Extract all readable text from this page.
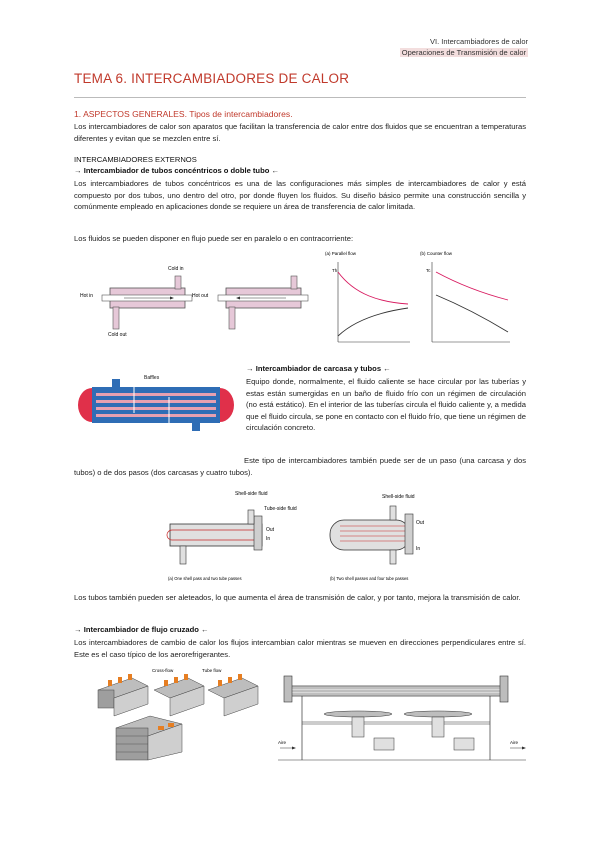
VI. Intercambiadores de calor
Operaciones de Transmisión de calor
TEMA 6. INTERCAMBIADORES DE CALOR
1. ASPECTOS GENERALES. Tipos de intercambiadores.
Los intercambiadores de calor son aparatos que facilitan la transferencia de calor entre dos fluidos que se encuentran a temperaturas diferentes y evitan que se mezclen entre sí.
INTERCAMBIADORES EXTERNOS
→ Intercambiador de tubos concéntricos o doble tubo ←
Los intercambiadores de tubos concéntricos es una de las configuraciones más simples de intercambiadores de calor y está compuesto por dos tubos, uno dentro del otro, por donde fluyen los fluidos. Su diseño básico permite una construcción sencilla y comúnmente empleado en aplicaciones donde se requiere un área de transferencia de calor limitada.
Los fluidos se pueden disponer en flujo puede ser en paralelo o en contracorriente:
Hot in
Cold in
Hot out
Cold out
(a) Parallel flow
Th
(b) Counter flow
Tc
Baffles
→ Intercambiador de carcasa y tubos ←
Equipo donde, normalmente, el fluido caliente se hace circular por las tuberías y estas están sumergidas en un baño de fluido frío con un régimen de circulación (no está estático). En el interior de las tuberías circula el fluido caliente y, a medida que el fluido circula, se pone en contacto con el fluido frío, que tiene un régimen de circulación concreto.
Este tipo de intercambiadores también puede ser de un paso (una carcasa y dos tubos) o de dos pasos (dos carcasas y cuatro tubos).
Shell-side fluid
Tube-side fluid
Out
In
(a) One shell pass and two tube passes
Shell-side fluid
Out
In
(b) Two shell passes and four tube passes
Los tubos también pueden ser aleteados, lo que aumenta el área de transmisión de calor, y por tanto, mejora la transmisión de calor.
→ Intercambiador de flujo cruzado ←
Los intercambiadores de cambio de calor los flujos intercambian calor mientras se mueven en direcciones perpendiculares entre sí. Este es el caso típico de los aerorefrigerantes.
Cross-flow	Tube flow
Aire	Aire
